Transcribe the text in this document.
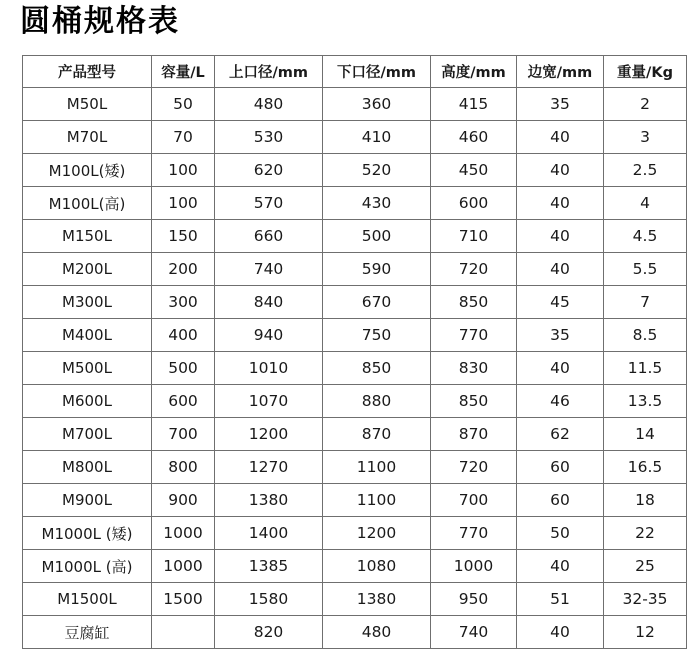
圆桶规格表
产品型号	容量/L	上口径/mm	下口径/mm	高度/mm	边宽/mm	重量/Kg
M50L	50	480	360	415	35	2
M70L	70	530	410	460	40	3
M100L(矮)	100	620	520	450	40	2.5
M100L(高)	100	570	430	600	40	4
M150L	150	660	500	710	40	4.5
M200L	200	740	590	720	40	5.5
M300L	300	840	670	850	45	7
M400L	400	940	750	770	35	8.5
M500L	500	1010	850	830	40	11.5
M600L	600	1070	880	850	46	13.5
M700L	700	1200	870	870	62	14
M800L	800	1270	1100	720	60	16.5
M900L	900	1380	1100	700	60	18
M1000L (矮)	1000	1400	1200	770	50	22
M1000L (高)	1000	1385	1080	1000	40	25
M1500L	1500	1580	1380	950	51	32-35
豆腐缸		820	480	740	40	12
